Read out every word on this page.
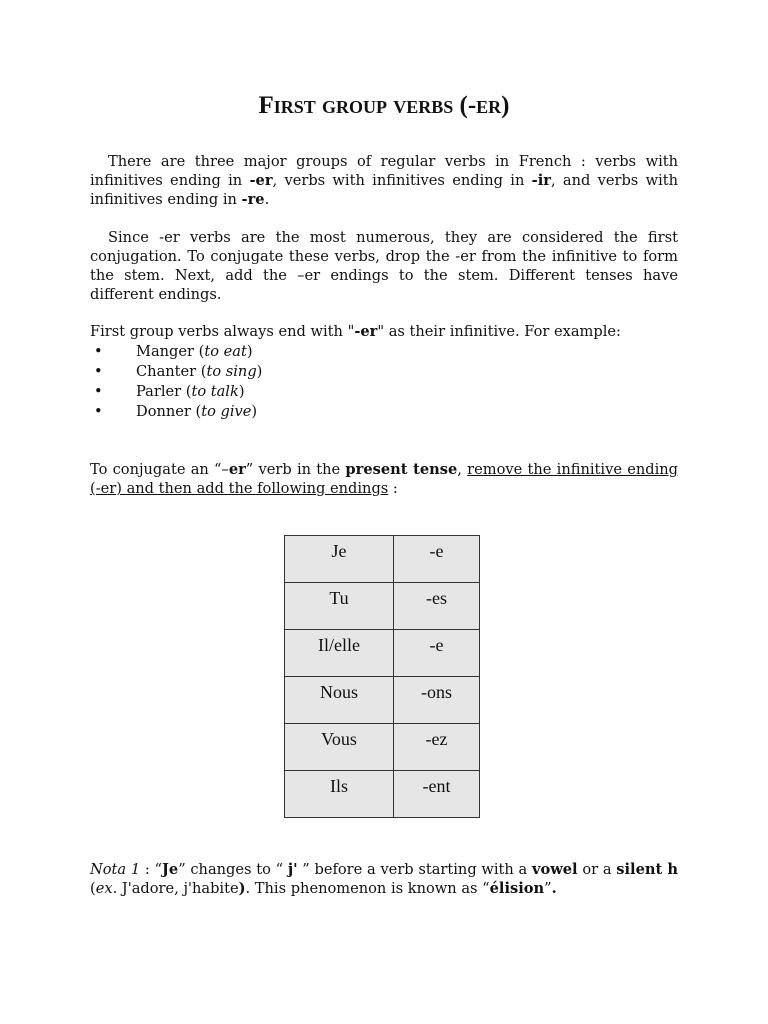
First group verbs (-er)

There are three major groups of regular verbs in French : verbs with infinitives ending in -er, verbs with infinitives ending in -ir, and verbs with infinitives ending in -re.

Since -er verbs are the most numerous, they are considered the first conjugation. To conjugate these verbs, drop the -er from the infinitive to form the stem. Next, add the –er endings to the stem. Different tenses have different endings.

First group verbs always end with "-er" as their infinitive. For example:

• Manger (to eat)
• Chanter (to sing)
• Parler (to talk)
• Donner (to give)

To conjugate an “–er” verb in the present tense, remove the infinitive ending (-er) and then add the following endings :

Je	-e
Tu	-es
Il/elle	-e
Nous	-ons
Vous	-ez
Ils	-ent

Nota 1 : “Je” changes to “ j' ” before a verb starting with a vowel or a silent h (ex. J'adore, j'habite). This phenomenon is known as “élision”.
